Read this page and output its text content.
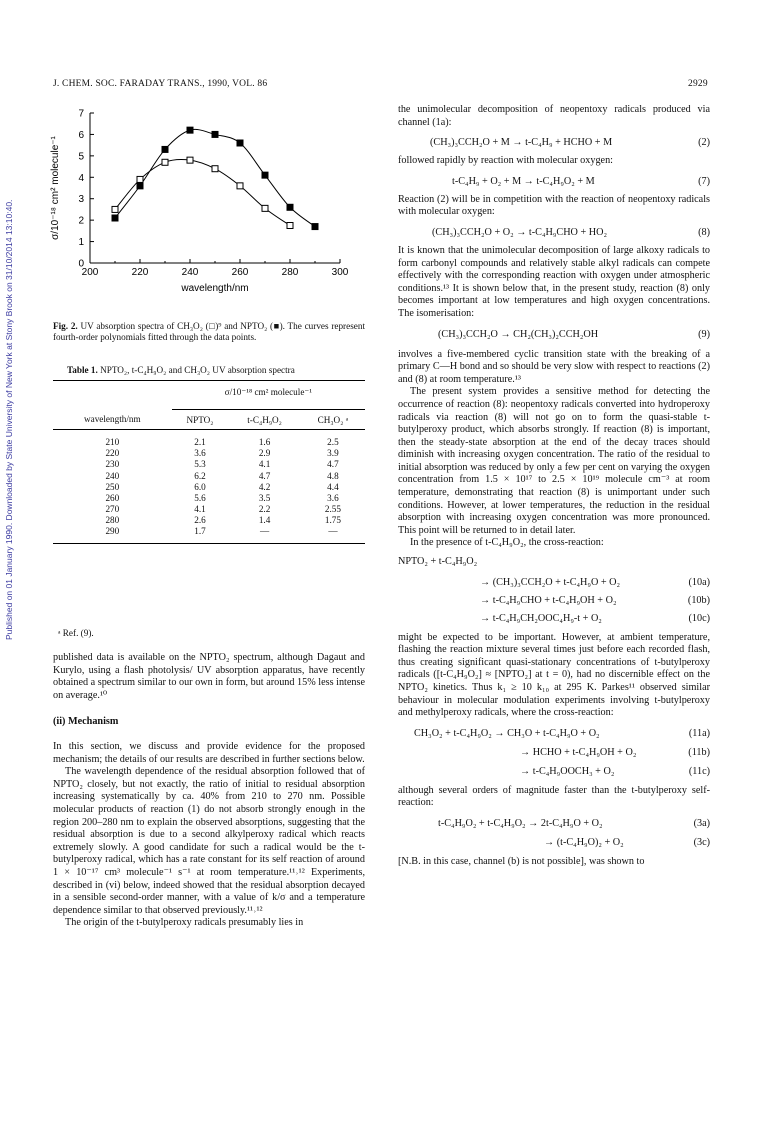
J. CHEM. SOC. FARADAY TRANS., 1990, VOL. 86	2929
Published on 01 January 1990. Downloaded by State University of New York at Stony Brook on 31/10/2014 13:10:40.	200	220	240	260	280	300
0
1
2
3
4
5
6
7
wavelength/nm
σ/10⁻¹⁸ cm² molecule⁻¹
Fig. 2. UV absorption spectra of CH₃O₂ (□)⁹ and NPTO₂ (■). The curves represent fourth-order polynomials fitted through the data points.
Table 1. NPTO₂, t-C₄H₉O₂ and CH₃O₂ UV absorption spectra

	σ/10⁻¹⁸ cm² molecule⁻¹		

wavelength/nm	NPTO₂	t-C₄H₉O₂	CH₃O₂ ᵃ

210	2.1	1.6	2.5
220	3.6	2.9	3.9
230	5.3	4.1	4.7
240	6.2	4.7	4.8
250	6.0	4.2	4.4
260	5.6	3.5	3.6
270	4.1	2.2	2.55
280	2.6	1.4	1.75
290	1.7	—	—

ᵃ Ref. (9).

published data is available on the NPTO₂ spectrum, although Dagaut and Kurylo, using a flash photolysis/ UV absorption apparatus, have recently obtained a spectrum similar to our own in form, but around 15% less intense on average.¹⁰

(ii) Mechanism

In this section, we discuss and provide evidence for the proposed mechanism; the details of our results are described in further sections below.

The wavelength dependence of the residual absorption followed that of NPTO₂ closely, but not exactly, the ratio of initial to residual absorption increasing systematically by ca. 40% from 210 to 270 nm. Possible molecular products of reaction (1) do not absorb strongly enough in the region 200–280 nm to explain the observed absorptions, suggesting that the residual absorption is due to a second alkylperoxy radical which reacts extremely slowly. A good candidate for such a radical would be the t-butylperoxy radical, which has a rate constant for its self reaction of around 1 × 10⁻¹⁷ cm³ molecule⁻¹ s⁻¹ at room temperature.¹¹˒¹² Experiments, described in (vi) below, indeed showed that the residual absorption decayed in a sensible second-order manner, with a value of k/σ and a temperature dependence similar to that observed previously.¹¹˒¹²

The origin of the t-butylperoxy radicals presumably lies in

the unimolecular decomposition of neopentoxy radicals produced via channel (1a):

(CH₃)₃CCH₂O + M → t-C₄H₉ + HCHO + M	(2)

followed rapidly by reaction with molecular oxygen:

t-C₄H₉ + O₂ + M → t-C₄H₉O₂ + M	(7)

Reaction (2) will be in competition with the reaction of neopentoxy radicals with molecular oxygen:

(CH₃)₃CCH₂O + O₂ → t-C₄H₉CHO + HO₂	(8)

It is known that the unimolecular decomposition of large alkoxy radicals to form carbonyl compounds and relatively stable alkyl radicals can compete effectively with the corresponding reaction with oxygen under atmospheric conditions.¹³ It is shown below that, in the present study, reaction (8) only becomes important at low temperatures and high oxygen concentrations. The isomerisation:

(CH₃)₃CCH₂O → CH₂(CH₃)₂CCH₂OH	(9)

involves a five-membered cyclic transition state with the breaking of a primary C—H bond and so should be very slow with respect to reactions (2) and (8) at room temperature.¹³

The present system provides a sensitive method for detecting the occurrence of reaction (8): neopentoxy radicals converted into hydroperoxy radicals via reaction (8) will not go on to form the quasi-stable t-butylperoxy product, which absorbs strongly. If reaction (8) is important, then the steady-state absorption at the end of the decay traces should diminish with increasing oxygen concentration. The ratio of the residual to initial absorption was reduced by only a few per cent on varying the oxygen concentration from 1.5 × 10¹⁷ to 2.5 × 10¹⁹ molecule cm⁻³ at room temperature, demonstrating that reaction (8) is unimportant under such conditions. However, at lower temperatures, the reduction in the residual absorption with increasing oxygen concentration was more pronounced. This point will be returned to in detail later.

In the presence of t-C₄H₉O₂, the cross-reaction:

NPTO₂ + t-C₄H₉O₂
→ (CH₃)₃CCH₂O + t-C₄H₉O + O₂	(10a)
→ t-C₄H₉CHO + t-C₄H₉OH + O₂	(10b)
→ t-C₄H₉CH₂OOC₄H₉-t + O₂	(10c)

might be expected to be important. However, at ambient temperature, flashing the reaction mixture several times just before each recorded flash, thus creating significant quasi-stationary concentrations of t-butylperoxy radicals ([t-C₄H₉O₂] ≈ [NPTO₂] at t = 0), had no discernible effect on the NPTO₂ kinetics. Thus k₁ ≥ 10 k₁₀ at 295 K. Parkes¹¹ observed similar behaviour in molecular modulation experiments involving t-butylperoxy and methylperoxy radicals, where the cross-reaction:

CH₃O₂ + t-C₄H₉O₂ → CH₃O + t-C₄H₉O + O₂	(11a)
→ HCHO + t-C₄H₉OH + O₂	(11b)
→ t-C₄H₉OOCH₃ + O₂	(11c)

although several orders of magnitude faster than the t-butylperoxy self-reaction:

t-C₄H₉O₂ + t-C₄H₉O₂ → 2t-C₄H₉O + O₂	(3a)
→ (t-C₄H₉O)₂ + O₂	(3c)

[N.B. in this case, channel (b) is not possible], was shown to
